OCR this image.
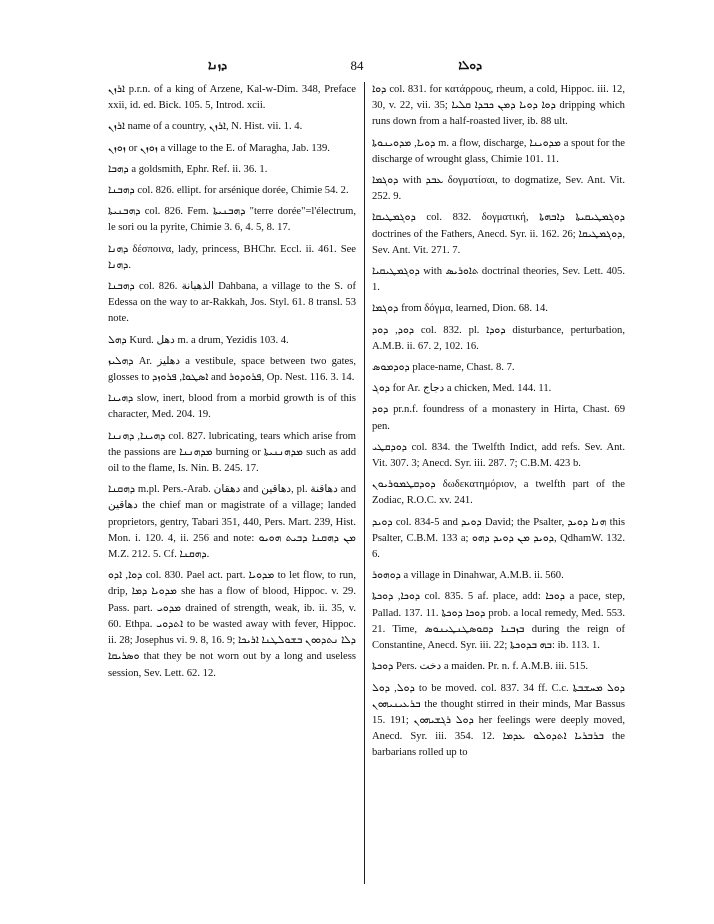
ܕܙܢܐ	84	ܕܘܠܐ

ܐܪܙܢ p.r.n. of a king of Arzene, Kal-w-Dim. 348, Preface xxii, id. ed. Bick. 105. 5, Introd. xcii.

ܐܪܙܢ name of a country, ܐܪܙܢ, N. Hist. vii. 1. 4.

ܙܘܙܢ or ܙܘܙܢ a village to the E. of Maragha, Jab. 139.

ܕܗܒܐ a goldsmith, Ephr. Ref. ii. 36. 1.

ܕܗܒܢܐ col. 826. ellipt. for arsénique dorée, Chimie 54. 2.

ܕܗܒܢܝܬܐ col. 826. Fem. ܕܗܒܢܝܬܐ "terre dorée"=l'électrum, le sori ou la pyrite, Chimie 3. 6, 4. 5, 8. 17.

ܕܗܢܐ δέσποινα, lady, princess, BHChr. Eccl. ii. 461. See ܕܗܢܐ.

ܕܗܒܢܐ col. 826. الذهبانة Dahbana, a village to the S. of Edessa on the way to ar-Rakkah, Jos. Styl. 61. 8 transl. 53 note.

ܕܗܠ Kurd. دهل m. a drum, Yezidis 103. 4.

ܕܗܠܝܙ Ar. دهليز a vestibule, space between two gates, glosses to ܐܣܛܘܐ, ܦܪܘܙܕ and ܦܪܘܕܘܪ, Op. Nest. 116. 3. 14.

ܕܗܝܢܐ slow, inert, blood from a morbid growth is of this character, Med. 204. 19.

ܕܗܝܢܐ, ܕܗܢܢܐ col. 827. lubricating, tears which arise from the passions are ܡܕܗܢܢܐ burning or ܡܕܗܢܢܝܬܐ such as add oil to the flame, Is. Nin. B. 245. 17.

ܕܗܩܢܐ m.pl. Pers.-Arab. دهقان and دهاقين, pl. دهاقنة and دهاقين the chief man or magistrate of a village; landed proprietors, gentry, Tabari 351, 440, Pers. Mart. 239, Hist. Mon. i. 120. 4, ii. 256 and note: ܡܢ ܕܗܩܢܐ ܕܒܝܬ ܗܘܝܘ M.Z. 212. 5. Cf. ܕܗܩܢܐ.

ܕܘܐ, ܐܕܘ col. 830. Pael act. part. ܡܕܘܝܐ to let flow, to run, drip, ܡܕܘܝܐ ܕܡܐ she has a flow of blood, Hippoc. v. 29. Pass. part. ܡܕܘܝ drained of strength, weak, ib. ii. 35, v. 60. Ethpa. ܐܬܕܘܝ to be wasted away with fever, Hippoc. ii. 28; Josephus vi. 9. 8, 16. 9; ܕܠܐ ܢܬܕܘܘܢ ܒܫܘܠܛܢܐ ܐܪܝܟܐ ܘܣܪܝܩܐ that they be not worn out by a long and useless session, Sev. Lett. 62. 12.

ܕܘܐ col. 831. for κατάρρους, rheum, a cold, Hippoc. iii. 12, 30, v. 22, vii. 35; ܕܘܐ ܕܘܝܐ ܕܡܢ ܟܒܕܐ ܩܠܝܐ dripping which runs down from a half-roasted liver, ib. 88 ult.

ܕܘܝܐ, ܡܕܘܝܢܘܬܐ m. a flow, discharge, ܡܕܘܝܢܐ a spout for the discharge of wrought glass, Chimie 101. 11.

ܕܘܓܡܐ with ܥܒܕ δογματίσαι, to dogmatize, Sev. Ant. Vit. 252. 9.

ܕܘܓܡܛܝܩܐ col. 832. δογματική, ܕܘܓܡܛܝܩܝܬܐ ܕܐܒܗܬܐ doctrines of the Fathers, Anecd. Syr. ii. 162. 26; ܕܘܓܡܛܝܩܐ, Sev. Ant. Vit. 271. 7.

ܕܘܓܡܛܝܩܝܐ with ܬܐܘܪܝܣ doctrinal theories, Sev. Lett. 405. 1.

ܕܘܓܡܐ from δόγμα, learned, Dion. 68. 14.

ܕܘܕ, ܕܘܕ col. 832. pl. ܕܘܕܐ disturbance, perturbation, A.M.B. ii. 67. 2, 102. 16.

ܕܘܕܡܘܣ place-name, Chast. 8. 7.

ܕܘܓ for Ar. دجاج a chicken, Med. 144. 11.

ܕܘܕ pr.n.f. foundress of a monastery in Hirta, Chast. 69 pen.

ܕܘܕܩܛܝ col. 834. the Twelfth Indict, add refs. Sev. Ant. Vit. 307. 3; Anecd. Syr. iii. 287. 7; C.B.M. 423 b.

ܕܘܕܩܛܡܘܪܝܘܢ δωδεκατημόριον, a twelfth part of the Zodiac, R.O.C. xv. 241.

ܕܘܝܕ col. 834-5 and ܕܘܝܕ David; the Psalter, ܗܢܐ ܕܘܝܕ this Psalter, C.B.M. 133 a; ܕܘܝܕ ܡܢ ܕܘܝܕ ܕܗܘ, QdhamW. 132. 6.

ܕܘܗܘܪ a village in Dinahwar, A.M.B. ii. 560.

ܕܘܟܐ, ܕܘܟܬܐ col. 835. 5 af. place, add: ܕܘܟܐ a pace, step, Pallad. 137. 11. ܕܘܟܐ ܕܘܟܬܐ prob. a local remedy, Med. 553. 21. Time, ܒܙܒܢܐ ܕܩܘܣܛܢܛܝܢܘܣ during the reign of Constantine, Anecd. Syr. iii. 22; ܒܗ ܒܕܘܟܬܐ: ib. 113. 1.

ܕܘܟܬܐ Pers. دخت a maiden. Pr. n. f. A.M.B. iii. 515.

ܕܘܠ, ܕܘܠ to be moved. col. 837. 34 ff. C.c. ܕܘܠ ܡܚܫܒܬܐ ܒܪܥܝܢܝܗܘܢ the thought stirred in their minds, Mar Bassus 15. 191; ܕܘܠ ܪܓܫܝܗܘܢ her feelings were deeply moved, Anecd. Syr. iii. 354. 12. ܒܪܒܪܝܐ ܐܬܕܘܠܘ ܥܕܡܐ the barbarians rolled up to
